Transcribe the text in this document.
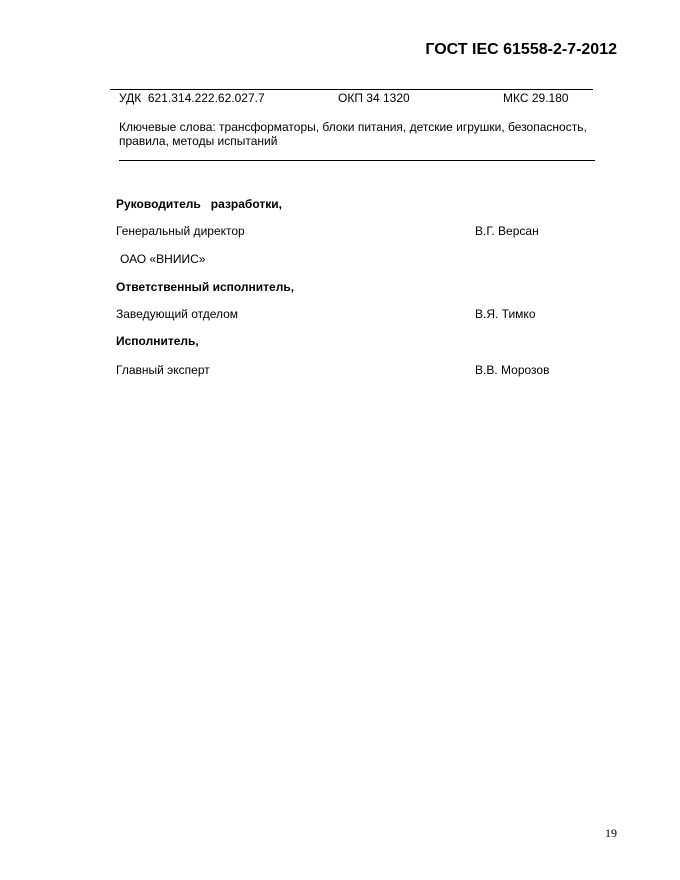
ГОСТ IEC 61558-2-7-2012
УДК  621.314.222.62.027.7	ОКП 34 1320	МКС 29.180
Ключевые слова: трансформаторы, блоки питания, детские игрушки, безопасность,
правила, методы испытаний
Руководитель   разработки,
Генеральный директор	В.Г. Версан
ОАО «ВНИИС»
Ответственный исполнитель,
Заведующий отделом	В.Я. Тимко
Исполнитель,
Главный эксперт	В.В. Морозов
19
